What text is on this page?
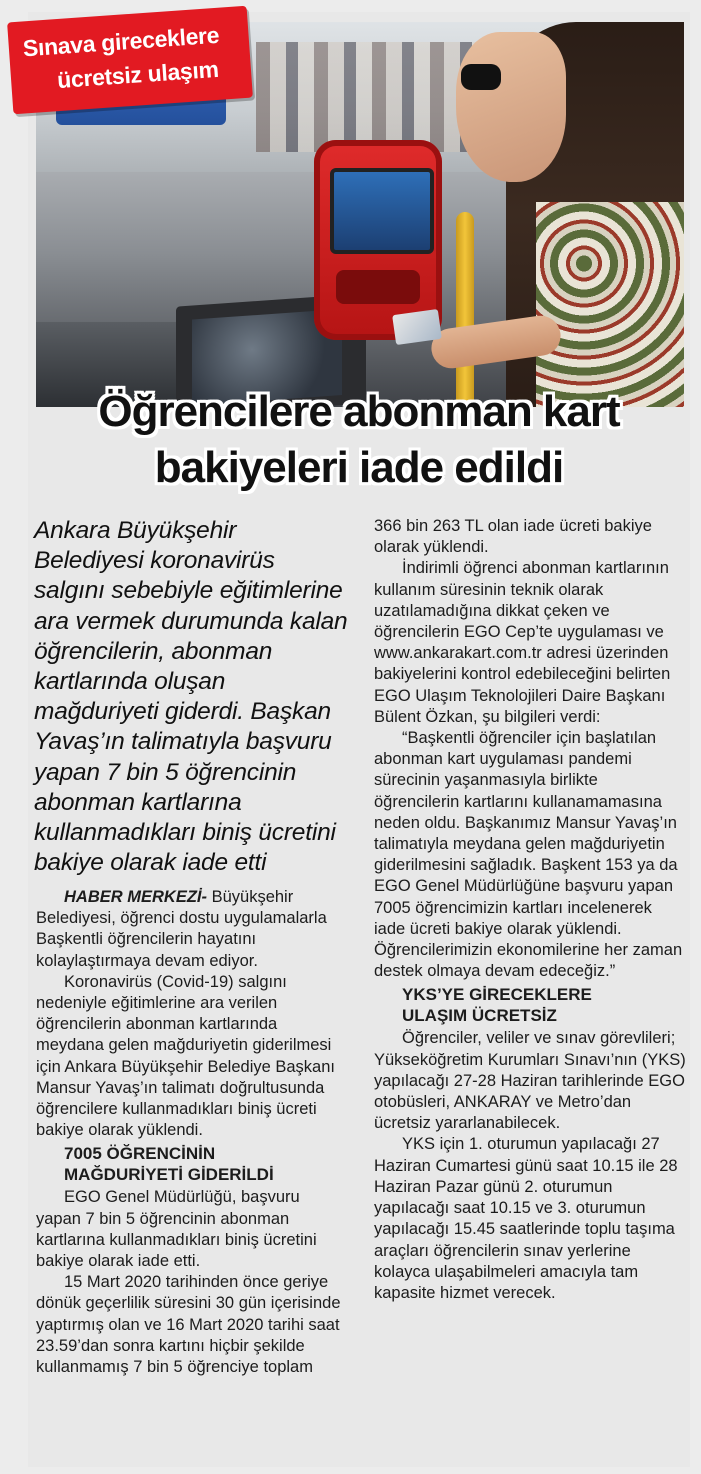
Sınava gireceklere
ücretsiz ulaşım
Öğrencilere abonman kart
bakiyeleri iade edildi

Ankara Büyükşehir Belediyesi koronavirüs salgını sebebiyle eğitimlerine ara vermek durumunda kalan öğrencilerin, abonman kartlarında oluşan mağduriyeti giderdi. Başkan Yavaş’ın talimatıyla başvuru yapan 7 bin 5 öğrencinin abonman kartlarına kullanmadıkları biniş ücretini bakiye olarak iade etti

HABER MERKEZİ- Büyükşehir Belediyesi, öğrenci dostu uygulamalarla Başkentli öğrencilerin hayatını kolaylaştırmaya devam ediyor.

Koronavirüs (Covid-19) salgını nedeniyle eğitimlerine ara verilen öğrencilerin abonman kartlarında meydana gelen mağduriyetin giderilmesi için Ankara Büyükşehir Belediye Başkanı Mansur Yavaş’ın talimatı doğrultusunda öğrencilere kullanmadıkları biniş ücreti bakiye olarak yüklendi.

7005 ÖĞRENCİNİN
MAĞDURİYETİ GİDERİLDİ

EGO Genel Müdürlüğü, başvuru yapan 7 bin 5 öğrencinin abonman kartlarına kullanmadıkları biniş ücretini bakiye olarak iade etti.

15 Mart 2020 tarihinden önce geriye dönük geçerlilik süresini 30 gün içerisinde yaptırmış olan ve 16 Mart 2020 tarihi saat 23.59’dan sonra kartını hiçbir şekilde kullanmamış 7 bin 5 öğrenciye toplam

366 bin 263 TL olan iade ücreti bakiye olarak yüklendi.

İndirimli öğrenci abonman kartlarının kullanım süresinin teknik olarak uzatılamadığına dikkat çeken ve öğrencilerin EGO Cep’te uygulaması ve www.ankarakart.com.tr adresi üzerinden bakiyelerini kontrol edebileceğini belirten EGO Ulaşım Teknolojileri Daire Başkanı Bülent Özkan, şu bilgileri verdi:

“Başkentli öğrenciler için başlatılan abonman kart uygulaması pandemi sürecinin yaşanmasıyla birlikte öğrencilerin kartlarını kullanamamasına neden oldu. Başkanımız Mansur Yavaş’ın talimatıyla meydana gelen mağduriyetin giderilmesini sağladık. Başkent 153 ya da EGO Genel Müdürlüğüne başvuru yapan 7005 öğrencimizin kartları incelenerek iade ücreti bakiye olarak yüklendi. Öğrencilerimizin ekonomilerine her zaman destek olmaya devam edeceğiz.”

YKS’YE GİRECEKLERE
ULAŞIM ÜCRETSİZ

Öğrenciler, veliler ve sınav görevlileri; Yükseköğretim Kurumları Sınavı’nın (YKS) yapılacağı 27-28 Haziran tarihlerinde EGO otobüsleri, ANKARAY ve Metro’dan ücretsiz yararlanabilecek.

YKS için 1. oturumun yapılacağı 27 Haziran Cumartesi günü saat 10.15 ile 28 Haziran Pazar günü 2. oturumun yapılacağı saat 10.15 ve 3. oturumun yapılacağı 15.45 saatlerinde toplu taşıma araçları öğrencilerin sınav yerlerine kolayca ulaşabilmeleri amacıyla tam kapasite hizmet verecek.
